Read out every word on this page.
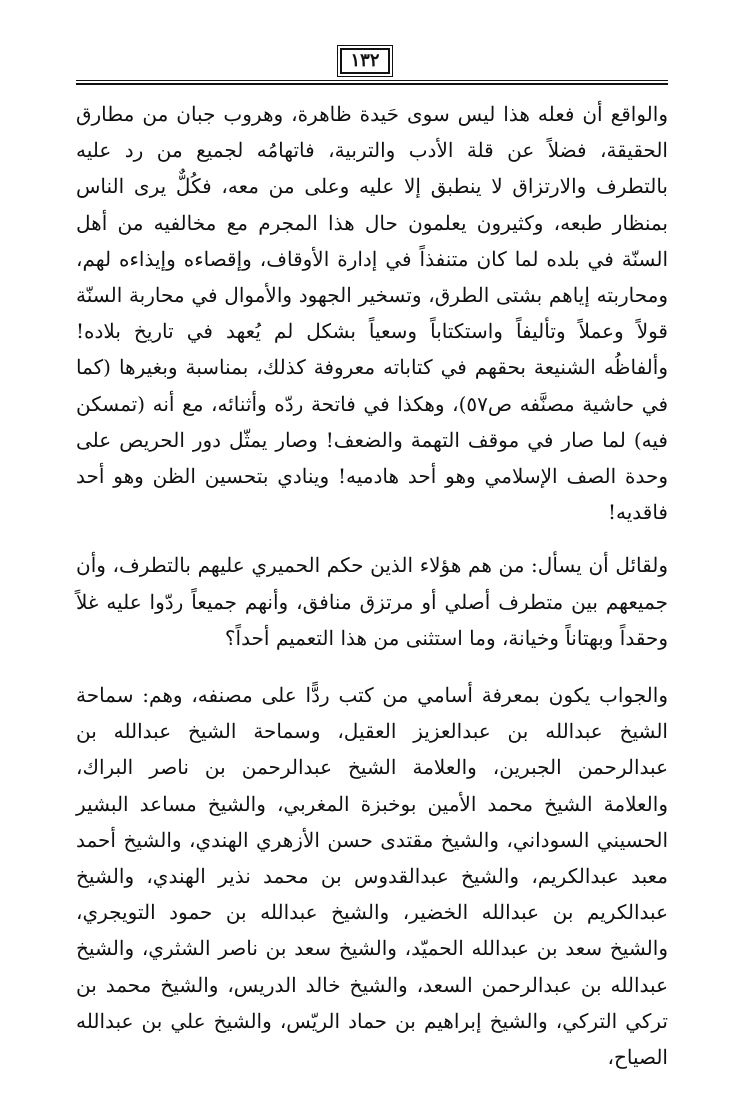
١٣٢

والواقع أن فعله هذا ليس سوى حَيدة ظاهرة، وهروب جبان من مطارق الحقيقة، فضلاً عن قلة الأدب والتربية، فاتهامُه لجميع من رد عليه بالتطرف والارتزاق لا ينطبق إلا عليه وعلى من معه، فكُلٌّ يرى الناس بمنظار طبعه، وكثيرون يعلمون حال هذا المجرم مع مخالفيه من أهل السنّة في بلده لما كان متنفذاً في إدارة الأوقاف، وإقصاءه وإيذاءه لهم، ومحاربته إياهم بشتى الطرق، وتسخير الجهود والأموال في محاربة السنّة قولاً وعملاً وتأليفاً واستكتاباً وسعياً بشكل لم يُعهد في تاريخ بلاده! وألفاظُه الشنيعة بحقهم في كتاباته معروفة كذلك، بمناسبة وبغيرها (كما في حاشية مصنَّفه ص٥٧)، وهكذا في فاتحة ردّه وأثنائه، مع أنه (تمسكن فيه) لما صار في موقف التهمة والضعف! وصار يمثّل دور الحريص على وحدة الصف الإسلامي وهو أحد هادميه! وينادي بتحسين الظن وهو أحد فاقديه!

ولقائل أن يسأل: من هم هؤلاء الذين حكم الحميري عليهم بالتطرف، وأن جميعهم بين متطرف أصلي أو مرتزق منافق، وأنهم جميعاً ردّوا عليه غلاً وحقداً وبهتاناً وخيانة، وما استثنى من هذا التعميم أحداً؟

والجواب يكون بمعرفة أسامي من كتب ردًّا على مصنفه، وهم: سماحة الشيخ عبدالله بن عبدالعزيز العقيل، وسماحة الشيخ عبدالله بن عبدالرحمن الجبرين، والعلامة الشيخ عبدالرحمن بن ناصر البراك، والعلامة الشيخ محمد الأمين بوخبزة المغربي، والشيخ مساعد البشير الحسيني السوداني، والشيخ مقتدى حسن الأزهري الهندي، والشيخ أحمد معبد عبدالكريم، والشيخ عبدالقدوس بن محمد نذير الهندي، والشيخ عبدالكريم بن عبدالله الخضير، والشيخ عبدالله بن حمود التويجري، والشيخ سعد بن عبدالله الحميّد، والشيخ سعد بن ناصر الشثري، والشيخ عبدالله بن عبدالرحمن السعد، والشيخ خالد الدريس، والشيخ محمد بن تركي التركي، والشيخ إبراهيم بن حماد الريّس، والشيخ علي بن عبدالله الصياح،
